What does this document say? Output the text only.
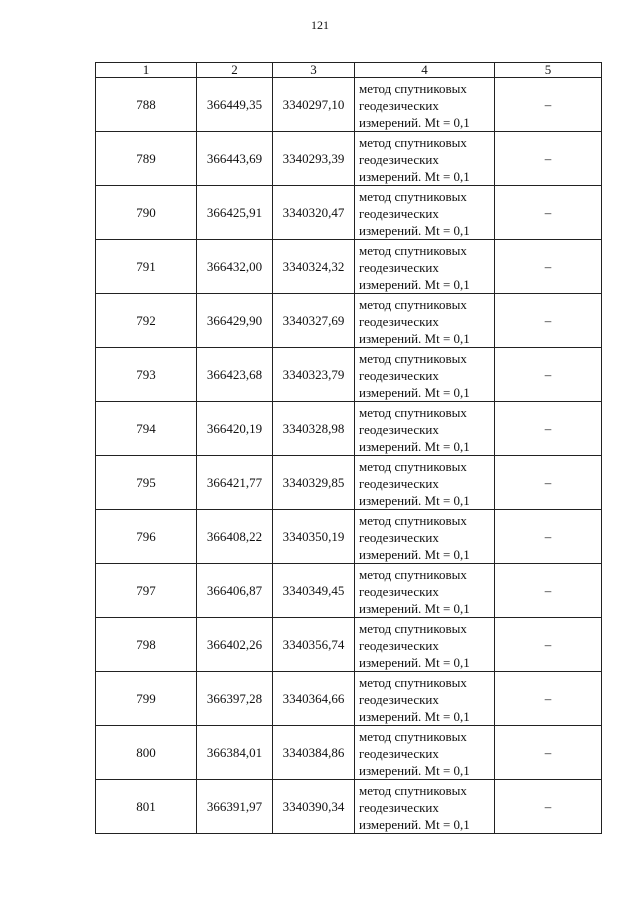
121
1	2	3	4	5
788	366449,35	3340297,10	метод спутниковых
геодезических
измерений. Mt = 0,1	–
789	366443,69	3340293,39	метод спутниковых
геодезических
измерений. Mt = 0,1	–
790	366425,91	3340320,47	метод спутниковых
геодезических
измерений. Mt = 0,1	–
791	366432,00	3340324,32	метод спутниковых
геодезических
измерений. Mt = 0,1	–
792	366429,90	3340327,69	метод спутниковых
геодезических
измерений. Mt = 0,1	–
793	366423,68	3340323,79	метод спутниковых
геодезических
измерений. Mt = 0,1	–
794	366420,19	3340328,98	метод спутниковых
геодезических
измерений. Mt = 0,1	–
795	366421,77	3340329,85	метод спутниковых
геодезических
измерений. Mt = 0,1	–
796	366408,22	3340350,19	метод спутниковых
геодезических
измерений. Mt = 0,1	–
797	366406,87	3340349,45	метод спутниковых
геодезических
измерений. Mt = 0,1	–
798	366402,26	3340356,74	метод спутниковых
геодезических
измерений. Mt = 0,1	–
799	366397,28	3340364,66	метод спутниковых
геодезических
измерений. Mt = 0,1	–
800	366384,01	3340384,86	метод спутниковых
геодезических
измерений. Mt = 0,1	–
801	366391,97	3340390,34	метод спутниковых
геодезических
измерений. Mt = 0,1	–
